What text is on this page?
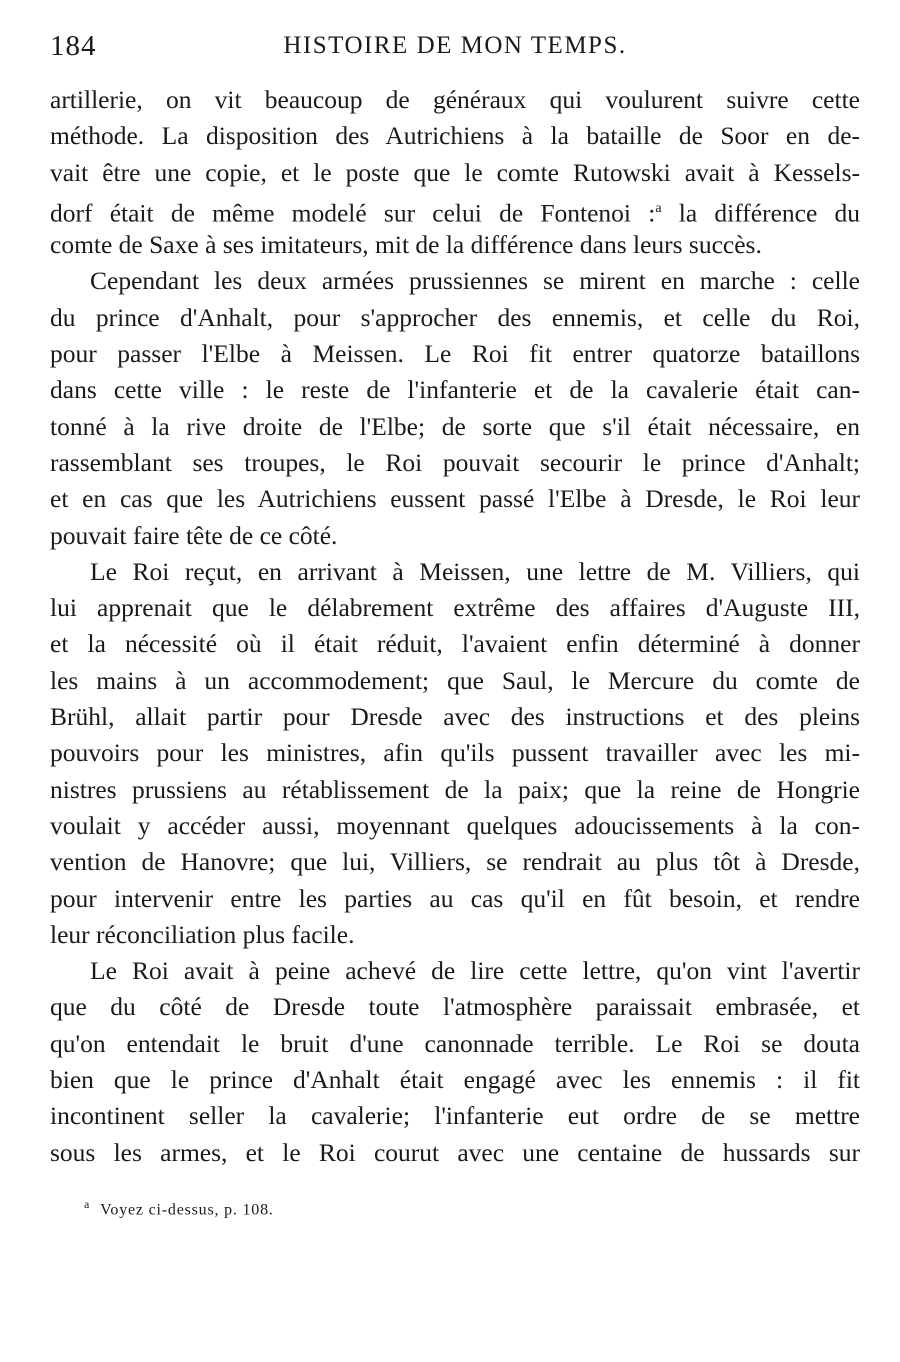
184	HISTOIRE DE MON TEMPS.
artillerie, on vit beaucoup de généraux qui voulurent suivre cette
méthode. La disposition des Autrichiens à la bataille de Soor en de-
vait être une copie, et le poste que le comte Rutowski avait à Kessels-
dorf était de même modelé sur celui de Fontenoi :$^a$ la différence du
comte de Saxe à ses imitateurs, mit de la différence dans leurs succès.
Cependant les deux armées prussiennes se mirent en marche : celle
du prince d'Anhalt, pour s'approcher des ennemis, et celle du Roi,
pour passer l'Elbe à Meissen. Le Roi fit entrer quatorze bataillons
dans cette ville : le reste de l'infanterie et de la cavalerie était can-
tonné à la rive droite de l'Elbe; de sorte que s'il était nécessaire, en
rassemblant ses troupes, le Roi pouvait secourir le prince d'Anhalt;
et en cas que les Autrichiens eussent passé l'Elbe à Dresde, le Roi leur
pouvait faire tête de ce côté.
Le Roi reçut, en arrivant à Meissen, une lettre de M. Villiers, qui
lui apprenait que le délabrement extrême des affaires d'Auguste III,
et la nécessité où il était réduit, l'avaient enfin déterminé à donner
les mains à un accommodement; que Saul, le Mercure du comte de
Brühl, allait partir pour Dresde avec des instructions et des pleins
pouvoirs pour les ministres, afin qu'ils pussent travailler avec les mi-
nistres prussiens au rétablissement de la paix; que la reine de Hongrie
voulait y accéder aussi, moyennant quelques adoucissements à la con-
vention de Hanovre; que lui, Villiers, se rendrait au plus tôt à Dresde,
pour intervenir entre les parties au cas qu'il en fût besoin, et rendre
leur réconciliation plus facile.
Le Roi avait à peine achevé de lire cette lettre, qu'on vint l'avertir
que du côté de Dresde toute l'atmosphère paraissait embrasée, et
qu'on entendait le bruit d'une canonnade terrible. Le Roi se douta
bien que le prince d'Anhalt était engagé avec les ennemis : il fit
incontinent seller la cavalerie; l'infanterie eut ordre de se mettre
sous les armes, et le Roi courut avec une centaine de hussards sur
$^a$ Voyez ci-dessus, p. 108.
